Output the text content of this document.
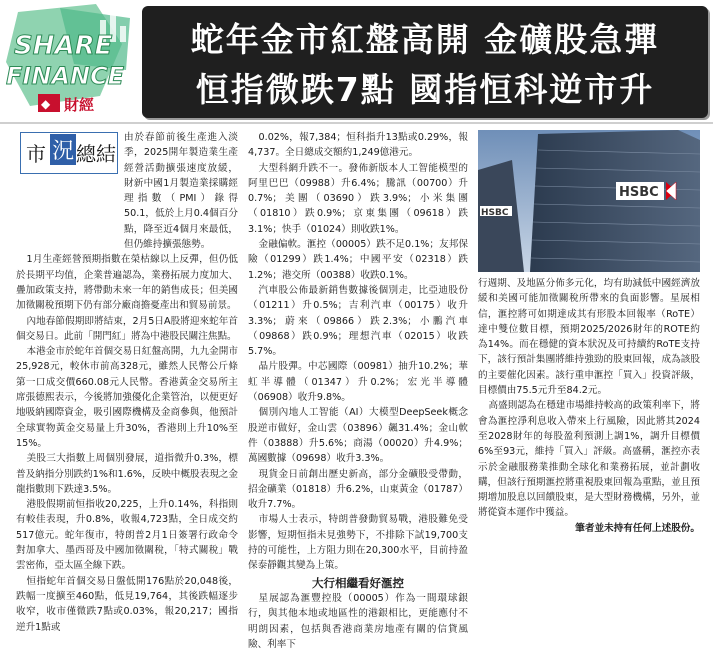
SHARE
FINANCE
◆ 財經
蛇年金市紅盤高開 金礦股急彈
恒指微跌7點 國指恒科逆市升

由於春節前後生產進入淡季，2025開年製造業生產經營活動擴張速度放緩，財新中國1月製造業採購經理指數（PMI）錄得50.1，低於上月0.4個百分點，降至近4個月來最低，但仍維持擴張態勢。

1月生產經營預期指數在榮枯線以上反彈，但仍低於長期平均值，企業普遍認為，業務拓展力度加大、疊加政策支持，將帶動未來一年的銷售成長；但美國加徵關稅預期下仍有部分廠商擔憂產出和貿易前景。

內地春節假期即將結束，2月5日A股將迎來蛇年首個交易日。此前「開門紅」將為中港股民關注焦點。

本港金市於蛇年首個交易日紅盤高開，九九金開市25,928元，較休市前高328元，雖然人民幣公斤條第一口成交價660.08元人民幣。香港黃金交易所主席張德熙表示，今後將加強優化企業管治，以便更好地吸納國際資金，吸引國際機構及金商參與，他預計全球實物黃金交易量上升30%，香港則上升10%至15%。

美股三大指數上周個別發展，道指微升0.3%，標普及納指分別跌約1%和1.6%，反映中概股表現之金龍指數則下跌達3.5%。

港股假期前恒指收20,225，上升0.14%，科指則有較佳表現，升0.8%，收報4,723點，全日成交約517億元。蛇年復市，特朗普2月1日簽署行政命令對加拿大、墨西哥及中國加徵關稅，「特式關稅」戰雲密佈，亞太區全線下跌。

恒指蛇年首個交易日盤低開176點於20,048後，跌幅一度擴至460點，低見19,764，其後跌幅逐步收窄，收市僅微跌7點或0.03%，報20,217；國指逆升1點或

市 況 總結

0.02%，報7,384；恒科指升13點或0.29%，報4,737。全日總成交額約1,249億港元。

大型科網升跌不一。發佈新版本人工智能模型的阿里巴巴（09988）升6.4%；騰訊（00700）升0.7%；美團（03690）跌3.9%；小米集團（01810）跌0.9%；京東集團（09618）跌3.1%；快手（01024）則收跌1%。

金融偏軟。滙控（00005）跌不足0.1%；友邦保險（01299）跌1.4%；中國平安（02318）跌1.2%；港交所（00388）收跌0.1%。

汽車股公佈最新銷售數據後個別走，比亞迪股份（01211）升0.5%；吉利汽車（00175）收升3.3%；蔚來（09866）跌2.3%；小鵬汽車（09868）跌0.9%；理想汽車（02015）收跌5.7%。

晶片股彈。中芯國際（00981）抽升10.2%；華虹半導體（01347）升0.2%；宏光半導體（06908）收升9.8%。

個別內地人工智能（AI）大模型DeepSeek概念股逆市做好，金山雲（03896）飆31.4%；金山軟件（03888）升5.6%；商湯（00020）升4.9%；萬國數據（09698）收升3.3%。

現貨金日前創出歷史新高，部分金礦股受帶動，招金礦業（01818）升6.2%，山東黃金（01787）收升7.7%。

市場人士表示，特朗普發動貿易戰，港股難免受影響，短期恒指未見強勢下，不排除下試19,700支持的可能性，上方阻力則在20,300水平，目前持盈保泰靜觀其變為上策。

大行相繼看好滙控

星展認為滙豐控股（00005）作為一間環球銀行，與其他本地或地區性的港銀相比，更能應付不明朗因素，包括與香港商業房地產有關的信貸風險、利率下

HSBC
HSBC

行週期、及地區分佈多元化，均有助減低中國經濟放緩和美國可能加徵關稅所帶來的負面影響。星展相信，滙控將可如期達成其有形股本回報率（RoTE）達中雙位數目標，預期2025/2026財年的ROTE約為14%。而在穩健的資本狀況及可持續約RoTE支持下，該行預計集團將維持強勁的股東回報，成為該股的主要催化因素。該行重申滙控「買入」投資評級，目標價由75.5元升至84.2元。

高盛則認為在穩建市場維持較高的政策利率下，將會為滙控淨利息收入帶來上行風險，因此將其2024至2028財年的每股盈利預測上調1%，調升目標價6%至93元，維持「買入」評級。高盛稱，滙控亦表示於金融服務業推動全球化和業務拓展，並計劃收購，但該行預期滙控將重視股東回報為重點，並且預期增加股息以回饋股東，是大型財務機構，另外，並將從資本運作中獲益。

筆者並未持有任何上述股份。
